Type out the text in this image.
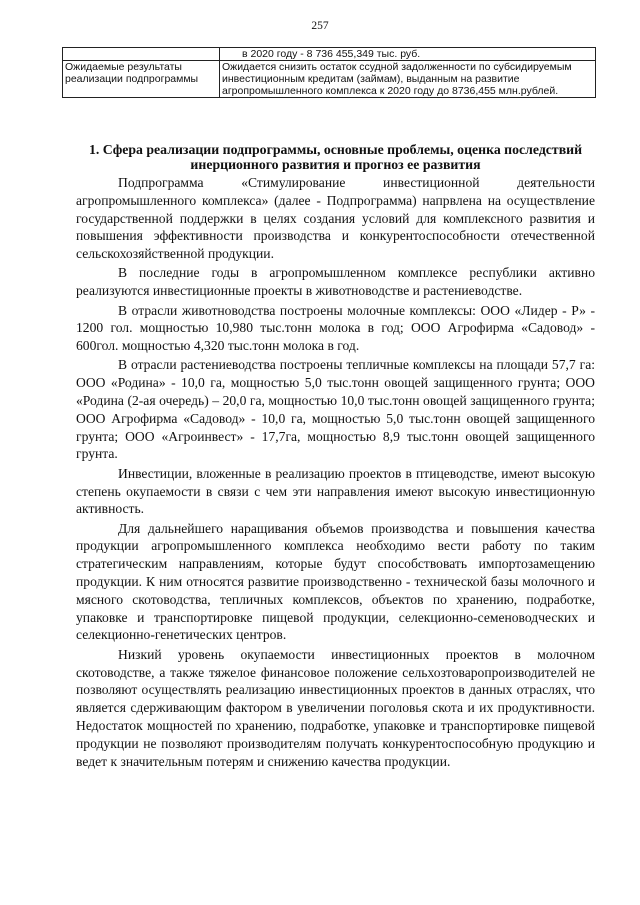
257
	в 2020 году - 8 736 455,349 тыс. руб.
Ожидаемые результаты реализации подпрограммы	Ожидается снизить остаток ссудной задолженности по субсидируемым инвестиционным кредитам (займам), выданным на развитие агропромышленного комплекса к 2020 году до 8736,455 млн.рублей.
1. Сфера реализации подпрограммы, основные проблемы, оценка последствий инерционного развития и прогноз ее развития

Подпрограмма «Стимулирование инвестиционной деятельности агропромышленного комплекса» (далее - Подпрограмма) напрвлена на осуществление государственной поддержки в целях создания условий для комплексного развития и повышения эффективности производства и конкурентоспособности отечественной сельскохозяйственной продукции.

В последние годы в агропромышленном комплексе республики активно реализуются инвестиционные проекты в животноводстве и растениеводстве.

В отрасли животноводства построены молочные комплексы: ООО «Лидер - Р» - 1200 гол. мощностью 10,980 тыс.тонн молока в год; ООО Агрофирма «Садовод» - 600гол. мощностью 4,320 тыс.тонн молока в год.

В отрасли растениеводства построены тепличные комплексы на площади 57,7 га: ООО «Родина» - 10,0 га, мощностью 5,0 тыс.тонн овощей защищенного грунта; ООО «Родина (2-ая очередь) – 20,0 га, мощностью 10,0 тыс.тонн овощей защищенного грунта; ООО Агрофирма «Садовод» - 10,0 га, мощностью 5,0 тыс.тонн овощей защищенного грунта; ООО «Агроинвест» - 17,7га, мощностью 8,9 тыс.тонн овощей защищенного грунта.

Инвестиции, вложенные в реализацию проектов в птицеводстве, имеют высокую степень окупаемости в связи с чем эти направления имеют высокую инвестиционную активность.

Для дальнейшего наращивания объемов производства и повышения качества продукции агропромышленного комплекса необходимо вести работу по таким стратегическим направлениям, которые будут способствовать импортозамещению продукции. К ним относятся развитие производственно - технической базы молочного и мясного скотоводства, тепличных комплексов, объектов по хранению, подработке, упаковке и транспортировке пищевой продукции, селекционно-семеноводческих и селекционно-генетических центров.

Низкий уровень окупаемости инвестиционных проектов в молочном скотоводстве, а также тяжелое финансовое положение сельхозтоваропроизводителей не позволяют осуществлять реализацию инвестиционных проектов в данных отраслях, что является сдерживающим фактором в увеличении поголовья скота и их продуктивности. Недостаток мощностей по хранению, подработке, упаковке и транспортировке пищевой продукции не позволяют производителям получать конкурентоспособную продукцию и ведет к значительным потерям и снижению качества продукции.
